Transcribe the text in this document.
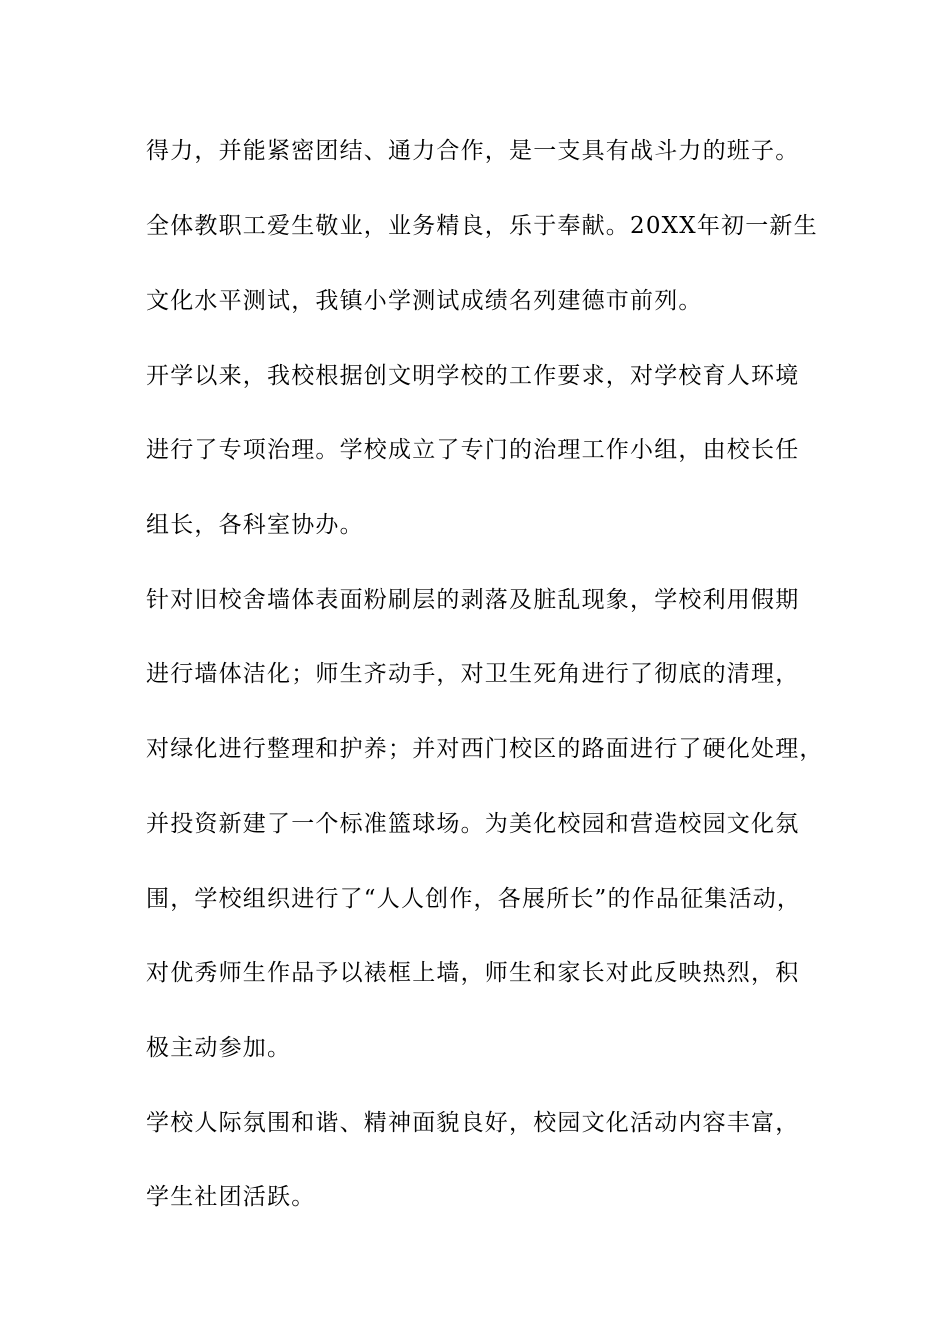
得力，并能紧密团结、通力合作，是一支具有战斗力的班子。
全体教职工爱生敬业，业务精良，乐于奉献。20XX年初一新生
文化水平测试，我镇小学测试成绩名列建德市前列。
开学以来，我校根据创文明学校的工作要求，对学校育人环境
进行了专项治理。学校成立了专门的治理工作小组，由校长任
组长，各科室协办。
针对旧校舍墙体表面粉刷层的剥落及脏乱现象，学校利用假期
进行墙体洁化；师生齐动手，对卫生死角进行了彻底的清理，
对绿化进行整理和护养；并对西门校区的路面进行了硬化处理，
并投资新建了一个标准篮球场。为美化校园和营造校园文化氛
围，学校组织进行了“人人创作，各展所长”的作品征集活动，
对优秀师生作品予以裱框上墙，师生和家长对此反映热烈，积
极主动参加。
学校人际氛围和谐、精神面貌良好，校园文化活动内容丰富，
学生社团活跃。
